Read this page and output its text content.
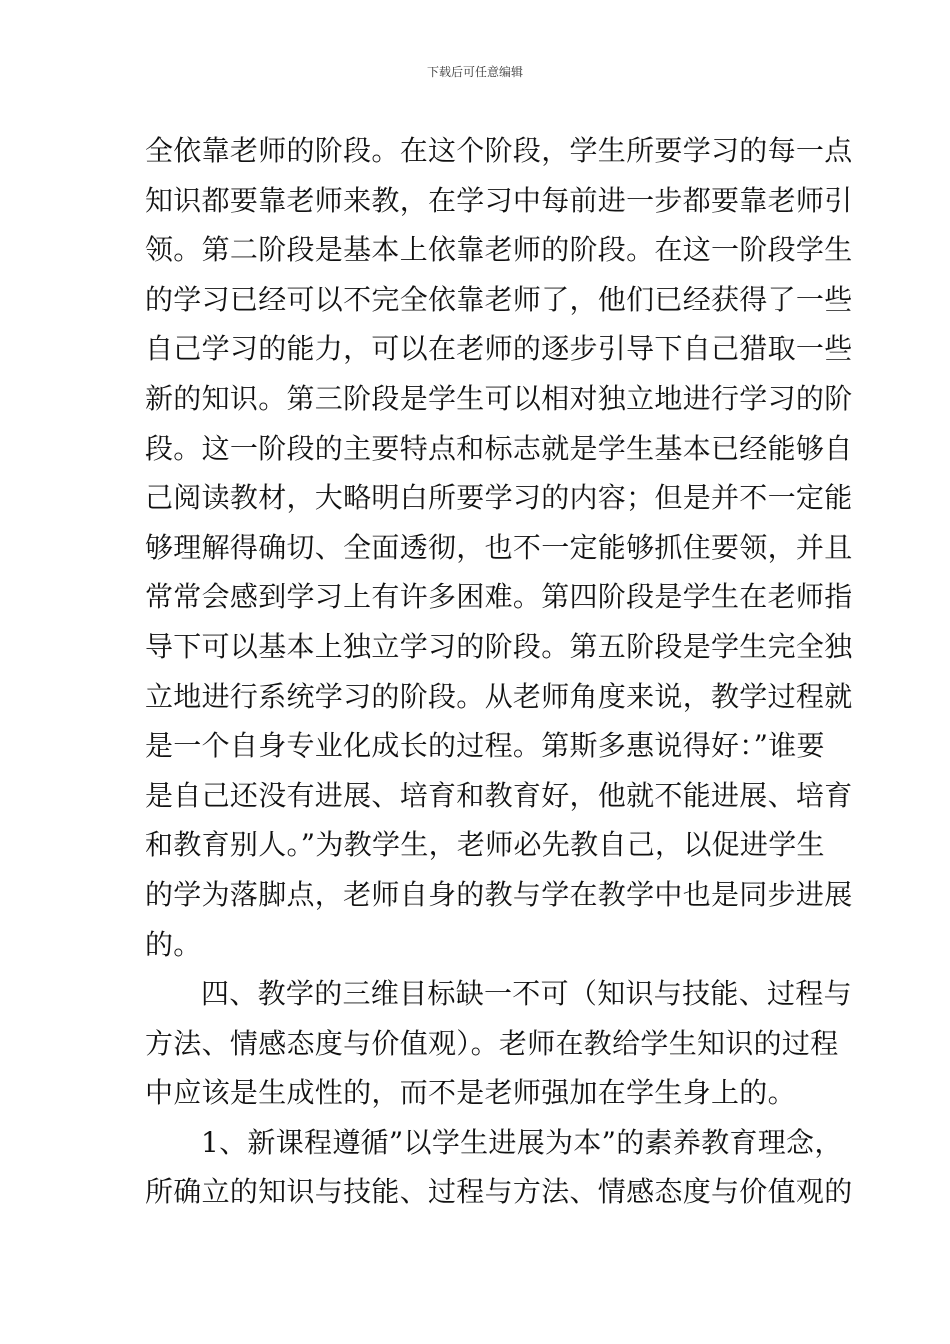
下载后可任意编辑
全依靠老师的阶段。在这个阶段，学生所要学习的每一点
知识都要靠老师来教，在学习中每前进一步都要靠老师引
领。第二阶段是基本上依靠老师的阶段。在这一阶段学生
的学习已经可以不完全依靠老师了，他们已经获得了一些
自己学习的能力，可以在老师的逐步引导下自己猎取一些
新的知识。第三阶段是学生可以相对独立地进行学习的阶
段。这一阶段的主要特点和标志就是学生基本已经能够自
己阅读教材，大略明白所要学习的内容；但是并不一定能
够理解得确切、全面透彻，也不一定能够抓住要领，并且
常常会感到学习上有许多困难。第四阶段是学生在老师指
导下可以基本上独立学习的阶段。第五阶段是学生完全独
立地进行系统学习的阶段。从老师角度来说，教学过程就
是一个自身专业化成长的过程。第斯多惠说得好：”谁要
是自己还没有进展、培育和教育好，他就不能进展、培育
和教育别人。”为教学生，老师必先教自己，以促进学生
的学为落脚点，老师自身的教与学在教学中也是同步进展
的。
四、教学的三维目标缺一不可（知识与技能、过程与
方法、情感态度与价值观）。老师在教给学生知识的过程
中应该是生成性的，而不是老师强加在学生身上的。
1、新课程遵循”以学生进展为本”的素养教育理念，
所确立的知识与技能、过程与方法、情感态度与价值观的
